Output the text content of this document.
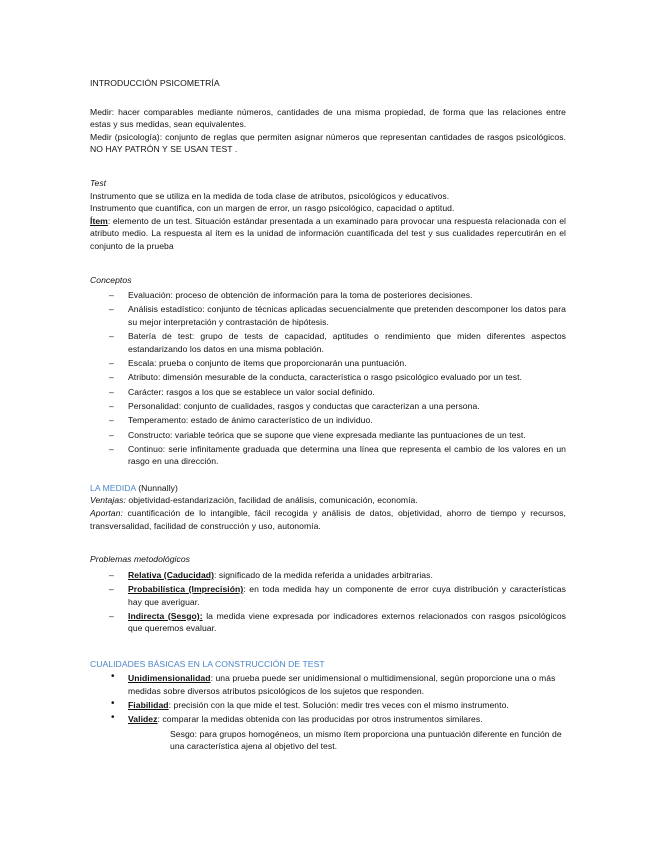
INTRODUCCIÓN PSICOMETRÍA

Medir: hacer comparables mediante números, cantidades de una misma propiedad, de forma que las relaciones entre estas y sus medidas, sean equivalentes.

Medir (psicología): conjunto de reglas que permiten asignar números que representan cantidades de rasgos psicológicos. NO HAY PATRÓN Y SE USAN TEST .

Test

Instrumento que se utiliza en la medida de toda clase de atributos, psicológicos y educativos.

Instrumento que cuantifica, con un margen de error, un rasgo psicológico, capacidad o aptitud.

Ítem: elemento de un test. Situación estándar presentada a un examinado para provocar una respuesta relacionada con el atributo medio. La respuesta al ítem es la unidad de información cuantificada del test y sus cualidades repercutirán en el conjunto de la prueba

Conceptos

– Evaluación: proceso de obtención de información para la toma de posteriores decisiones.
– Análisis estadístico: conjunto de técnicas aplicadas secuencialmente que pretenden descomponer los datos para su mejor interpretación y contrastación de hipótesis.
– Batería de test: grupo de tests de capacidad, aptitudes o rendimiento que miden diferentes aspectos estandarizando los datos en una misma población.
– Escala: prueba o conjunto de ítems que proporcionarán una puntuación.
– Atributo: dimensión mesurable de la conducta, característica o rasgo psicológico evaluado por un test.
– Carácter: rasgos a los que se establece un valor social definido.
– Personalidad: conjunto de cualidades, rasgos y conductas que caracterizan a una persona.
– Temperamento: estado de ánimo característico de un individuo.
– Constructo: variable teórica que se supone que viene expresada mediante las puntuaciones de un test.
– Continuo: serie infinitamente graduada que determina una línea que representa el cambio de los valores en un rasgo en una dirección.

LA MEDIDA (Nunnally)

Ventajas: objetividad-estandarización, facilidad de análisis, comunicación, economía.

Aportan: cuantificación de lo intangible, fácil recogida y análisis de datos, objetividad, ahorro de tiempo y recursos, transversalidad, facilidad de construcción y uso, autonomía.

Problemas metodológicos

– Relativa (Caducidad): significado de la medida referida a unidades arbitrarias.
– Probabilística (Imprecisión): en toda medida hay un componente de error cuya distribución y características hay que averiguar.
– Indirecta (Sesgo): la medida viene expresada por indicadores externos relacionados con rasgos psicológicos que queremos evaluar.

CUALIDADES BÁSICAS EN LA CONSTRUCCIÓN DE TEST

• Unidimensionalidad: una prueba puede ser unidimensional o multidimensional, según proporcione una o más medidas sobre diversos atributos psicológicos de los sujetos que responden.
• Fiabilidad: precisión con la que mide el test. Solución: medir tres veces con el mismo instrumento.
• Validez: comparar la medidas obtenida con las producidas por otros instrumentos similares.

Sesgo: para grupos homogéneos, un mismo ítem proporciona una puntuación diferente en función de una característica ajena al objetivo del test.
